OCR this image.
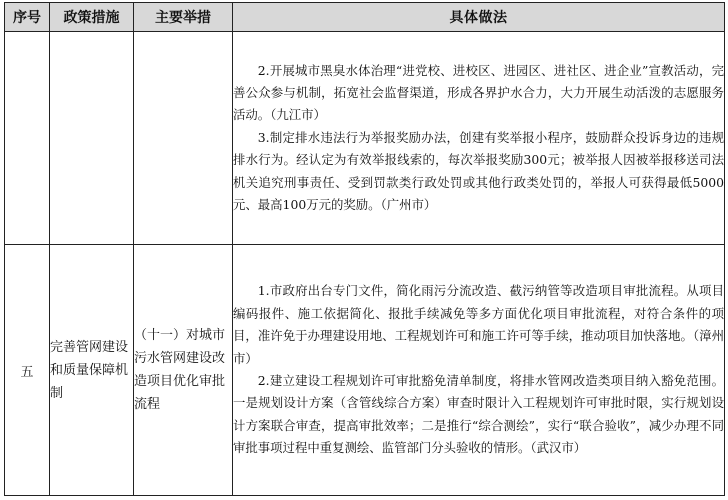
序号	政策措施	主要举措	具体做法

			2.开展城市黑臭水体治理“进党校、进校区、进园区、进社区、进企业”宣教活动，完善公众参与机制，拓宽社会监督渠道，形成各界护水合力，大力开展生动活泼的志愿服务活动。（九江市）

3.制定排水违法行为举报奖励办法，创建有奖举报小程序，鼓励群众投诉身边的违规排水行为。经认定为有效举报线索的，每次举报奖励300元；被举报人因被举报移送司法机关追究刑事责任、受到罚款类行政处罚或其他行政类处罚的，举报人可获得最低5000元、最高100万元的奖励。（广州市）

五	完善管网建设和质量保障机制	（十一）对城市污水管网建设改造项目优化审批流程	1.市政府出台专门文件，简化雨污分流改造、截污纳管等改造项目审批流程。从项目编码报件、施工依据简化、报批手续减免等多方面优化项目审批流程，对符合条件的项目，准许免于办理建设用地、工程规划许可和施工许可等手续，推动项目加快落地。（漳州市）

2.建立建设工程规划许可审批豁免清单制度，将排水管网改造类项目纳入豁免范围。一是规划设计方案（含管线综合方案）审查时限计入工程规划许可审批时限，实行规划设计方案联合审查，提高审批效率；二是推行“综合测绘”，实行“联合验收”，减少办理不同审批事项过程中重复测绘、监管部门分头验收的情形。（武汉市）
